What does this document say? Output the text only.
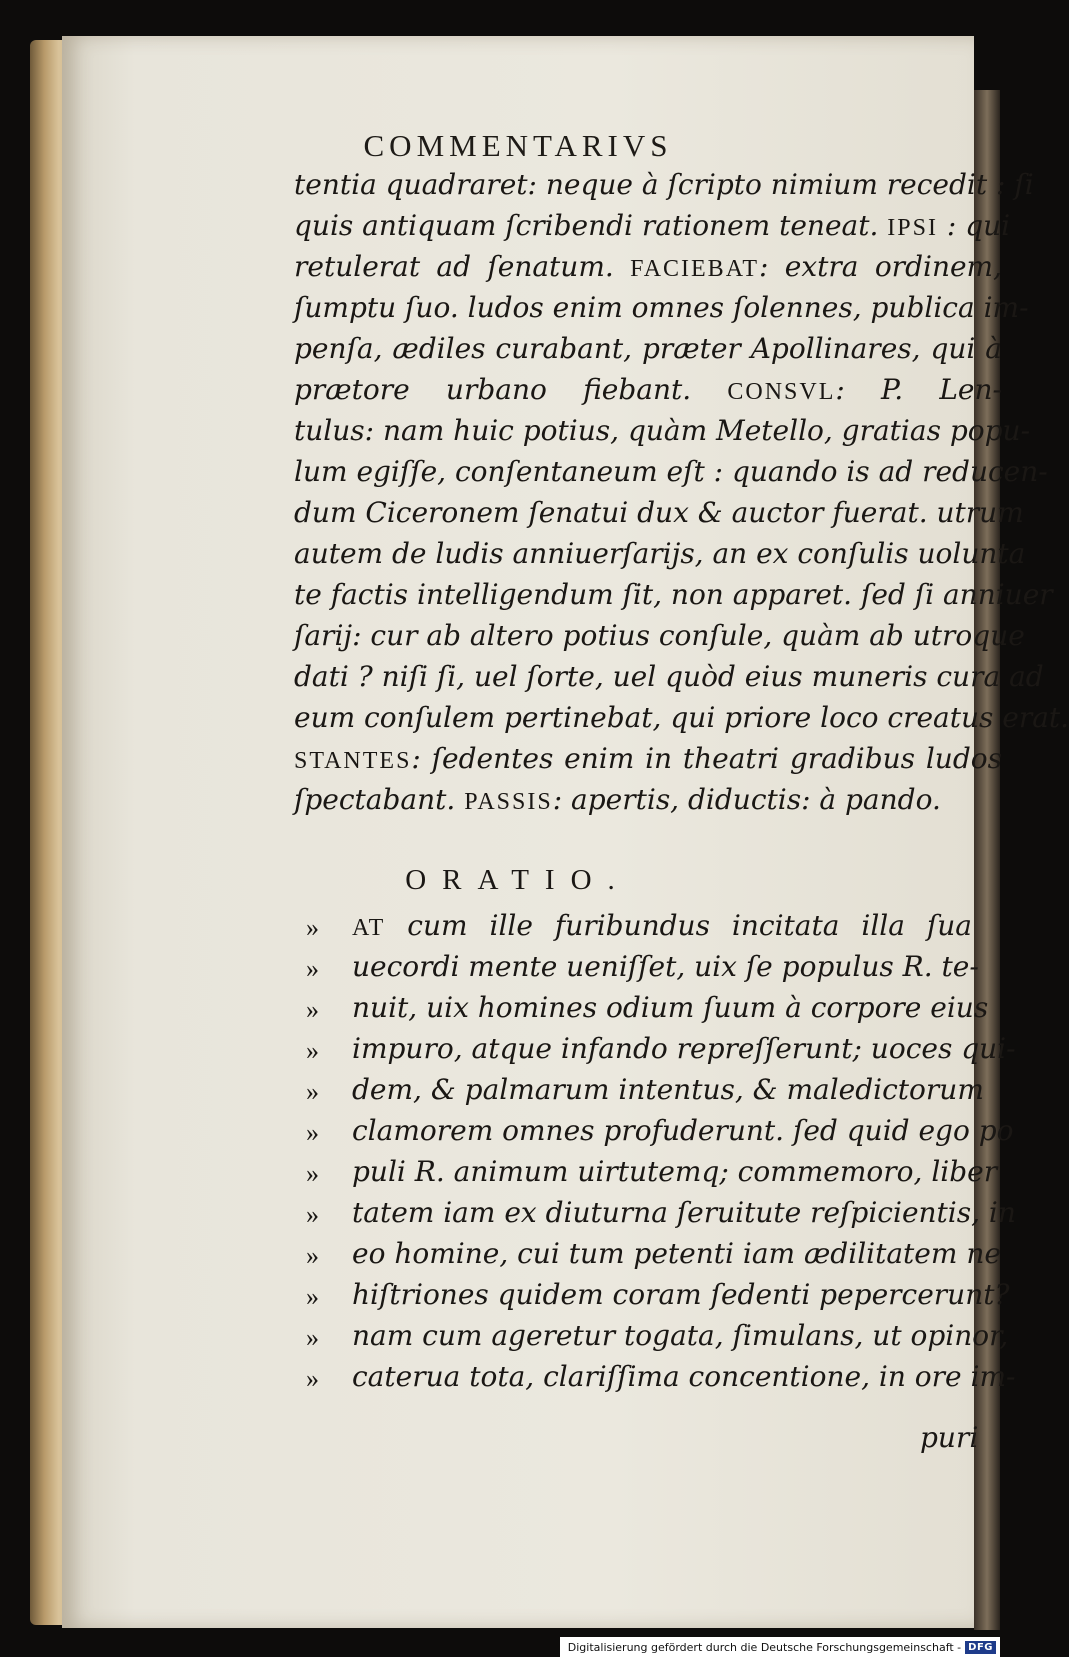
COMMENTARIVS
tentia quadraret: neque à ſcripto nimium recedit : ſi
quis antiquam ſcribendi rationem teneat. IPSI : qui
retulerat ad ſenatum. FACIEBAT: extra ordinem,
ſumptu ſuo. ludos enim omnes ſolennes, publica im-
penſa, ædiles curabant, præter Apollinares, qui à
prætore urbano fiebant. CONSVL: P. Len-
tulus: nam huic potius, quàm Metello, gratias popu-
lum egiſſe, conſentaneum eſt : quando is ad reducen-
dum Ciceronem ſenatui dux & auctor fuerat. utrum
autem de ludis anniuerſarijs, an ex conſulis uolunta
te factis intelligendum ſit, non apparet. ſed ſi anniuer
ſarij: cur ab altero potius conſule, quàm ab utroque
dati ? niſi ſi, uel ſorte, uel quòd eius muneris cura ad
eum conſulem pertinebat, qui priore loco creatus erat.
STANTES: ſedentes enim in theatri gradibus ludos
ſpectabant. PASSIS: apertis, diductis: à pando.
ORATIO.
AT cum ille furibundus incitata illa ſua
uecordi mente ueniſſet, uix ſe populus R. te-
nuit, uix homines odium ſuum à corpore eius
impuro, atque infando repreſſerunt; uoces qui-
dem, & palmarum intentus, & maledictorum
clamorem omnes profuderunt. ſed quid ego po
puli R. animum uirtutemq; commemoro, liber
tatem iam ex diuturna ſeruitute reſpicientis, in
eo homine, cui tum petenti iam ædilitatem ne
hiſtriones quidem coram ſedenti pepercerunt?
nam cum ageretur togata, ſimulans, ut opinor,
caterua tota, clariſſima concentione, in ore im-
»
»
»
»
»
»
»
»
»
»
»
»
puri
Digitalisierung gefördert durch die Deutsche Forschungsgemeinschaft - DFG
